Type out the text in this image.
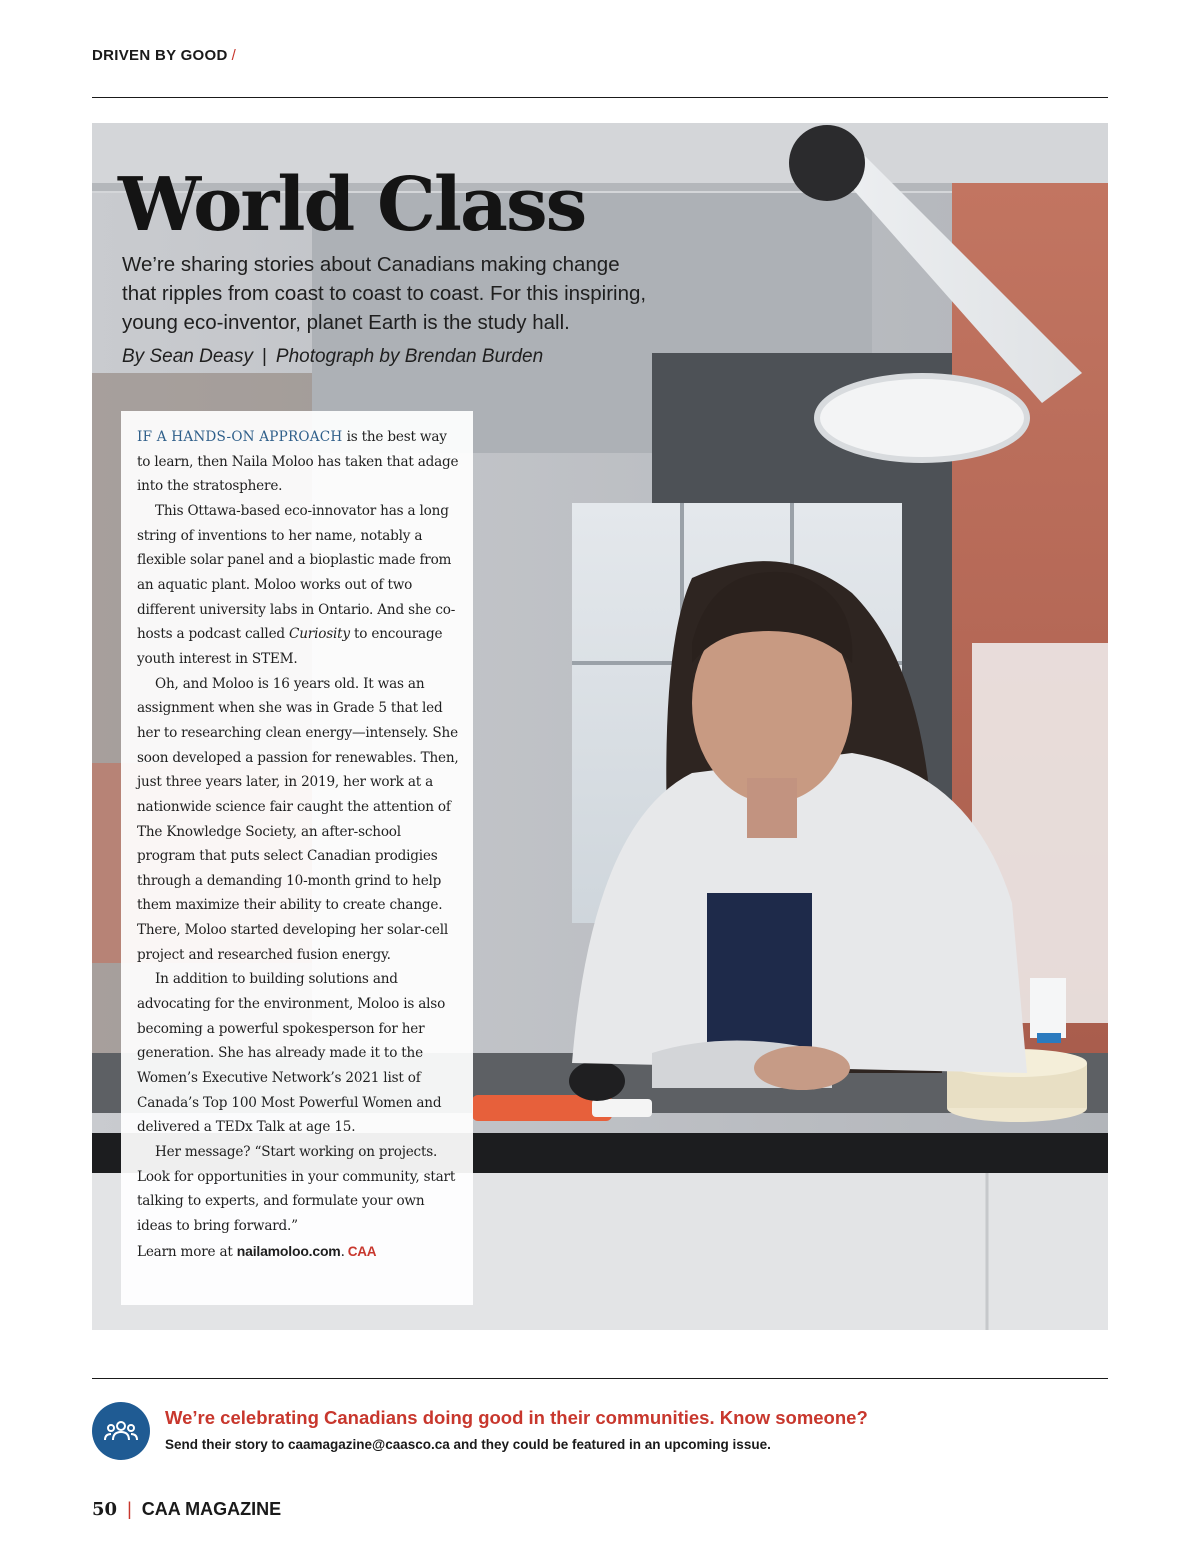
DRIVEN BY GOOD /
World Class
We’re sharing stories about Canadians making change that ripples from coast to coast to coast. For this inspiring, young eco-inventor, planet Earth is the study hall.
By Sean Deasy | Photograph by Brendan Burden

IF A HANDS-ON APPROACH is the best way to learn, then Naila Moloo has taken that adage into the stratosphere.

This Ottawa-based eco-innovator has a long string of inventions to her name, notably a flexible solar panel and a bioplastic made from an aquatic plant. Moloo works out of two different university labs in Ontario. And she co-hosts a podcast called Curiosity to encourage youth interest in STEM.

Oh, and Moloo is 16 years old. It was an assignment when she was in Grade 5 that led her to researching clean energy—intensely. She soon developed a passion for renewables. Then, just three years later, in 2019, her work at a nationwide science fair caught the attention of The Knowledge Society, an after-school program that puts select Canadian prodigies through a demanding 10-month grind to help them maximize their ability to create change. There, Moloo started developing her solar-cell project and researched fusion energy.

In addition to building solutions and advocating for the environment, Moloo is also becoming a powerful spokesperson for her generation. She has already made it to the Women’s Executive Network’s 2021 list of Canada’s Top 100 Most Powerful Women and delivered a TEDx Talk at age 15.

Her message? “Start working on projects. Look for opportunities in your community, start talking to experts, and formulate your own ideas to bring forward.”

Learn more at nailamoloo.com. CAA

We’re celebrating Canadians doing good in their communities. Know someone?
Send their story to caamagazine@caasco.ca and they could be featured in an upcoming issue.
50 | CAA MAGAZINE
